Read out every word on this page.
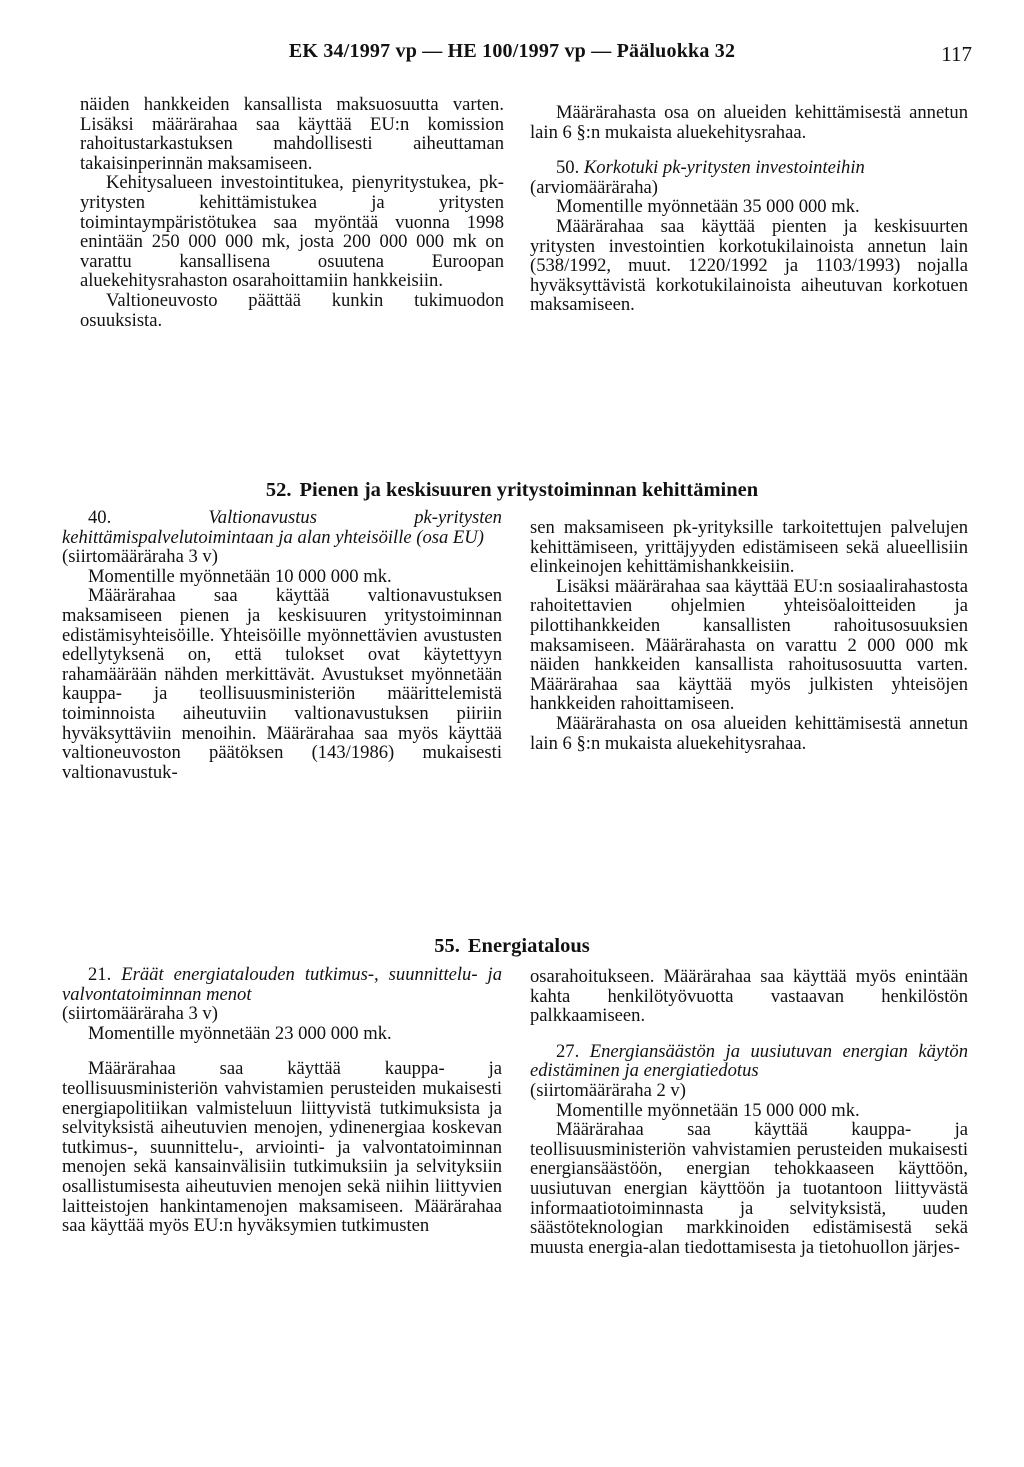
EK 34/1997 vp — HE 100/1997 vp — Pääluokka 32	117

näiden hankkeiden kansallista maksuosuutta varten. Lisäksi määrärahaa saa käyttää EU:n komission rahoitustarkastuksen mahdollisesti aiheuttaman takaisinperinnän maksamiseen.

Kehitysalueen investointitukea, pienyritystukea, pk-yritysten kehittämistukea ja yritysten toimintaympäristötukea saa myöntää vuonna 1998 enintään 250 000 000 mk, josta 200 000 000 mk on varattu kansallisena osuutena Euroopan aluekehitysrahaston osarahoittamiin hankkeisiin.

Valtioneuvosto päättää kunkin tukimuodon osuuksista.

Määrärahasta osa on alueiden kehittämisestä annetun lain 6 §:n mukaista aluekehitysrahaa.

50. Korkotuki pk-yritysten investointeihin

(arviomääräraha)

Momentille myönnetään 35 000 000 mk.

Määrärahaa saa käyttää pienten ja keskisuurten yritysten investointien korkotukilainoista annetun lain (538/1992, muut. 1220/1992 ja 1103/1993) nojalla hyväksyttävistä korkotukilainoista aiheutuvan korkotuen maksamiseen.

52. Pienen ja keskisuuren yritystoiminnan kehittäminen

40.	Valtionavustus pk-yritysten kehittämispalvelutoimintaan ja alan yhteisöille (osa EU)

(siirtomääräraha 3 v)

Momentille myönnetään 10 000 000 mk.

Määrärahaa saa käyttää valtionavustuksen maksamiseen pienen ja keskisuuren yritystoiminnan edistämisyhteisöille. Yhteisöille myönnettävien avustusten edellytyksenä on, että tulokset ovat käytettyyn rahamäärään nähden merkittävät. Avustukset myönnetään kauppa- ja teollisuusministeriön määrittelemistä toiminnoista aiheutuviin valtionavustuksen piiriin hyväksyttäviin menoihin. Määrärahaa saa myös käyttää valtioneuvoston päätöksen (143/1986) mukaisesti valtionavustuk-

sen maksamiseen pk-yrityksille tarkoitettujen palvelujen kehittämiseen, yrittäjyyden edistämiseen sekä alueellisiin elinkeinojen kehittämishankkeisiin.

Lisäksi määrärahaa saa käyttää EU:n sosiaalirahastosta rahoitettavien ohjelmien yhteisöaloitteiden ja pilottihankkeiden kansallisten rahoitusosuuksien maksamiseen. Määrärahasta on varattu 2 000 000 mk näiden hankkeiden kansallista rahoitusosuutta varten. Määrärahaa saa käyttää myös julkisten yhteisöjen hankkeiden rahoittamiseen.

Määrärahasta on osa alueiden kehittämisestä annetun lain 6 §:n mukaista aluekehitysrahaa.

55. Energiatalous

21. Eräät energiatalouden tutkimus-, suunnittelu- ja valvontatoiminnan menot

(siirtomääräraha 3 v)

Momentille myönnetään 23 000 000 mk.

Määrärahaa saa käyttää kauppa- ja teollisuusministeriön vahvistamien perusteiden mukaisesti energiapolitiikan valmisteluun liittyvistä tutkimuksista ja selvityksistä aiheutuvien menojen, ydinenergiaa koskevan tutkimus-, suunnittelu-, arviointi- ja valvontatoiminnan menojen sekä kansainvälisiin tutkimuksiin ja selvityksiin osallistumisesta aiheutuvien menojen sekä niihin liittyvien laitteistojen hankintamenojen maksamiseen. Määrärahaa saa käyttää myös EU:n hyväksymien tutkimusten

osarahoitukseen. Määrärahaa saa käyttää myös enintään kahta henkilötyövuotta vastaavan henkilöstön palkkaamiseen.

27. Energiansäästön ja uusiutuvan energian käytön edistäminen ja energiatiedotus

(siirtomääräraha 2 v)

Momentille myönnetään 15 000 000 mk.

Määrärahaa saa käyttää kauppa- ja teollisuusministeriön vahvistamien perusteiden mukaisesti energiansäästöön, energian tehokkaaseen käyttöön, uusiutuvan energian käyttöön ja tuotantoon liittyvästä informaatiotoiminnasta ja selvityksistä, uuden säästöteknologian markkinoiden edistämisestä sekä muusta energia-alan tiedottamisesta ja tietohuollon järjes-
